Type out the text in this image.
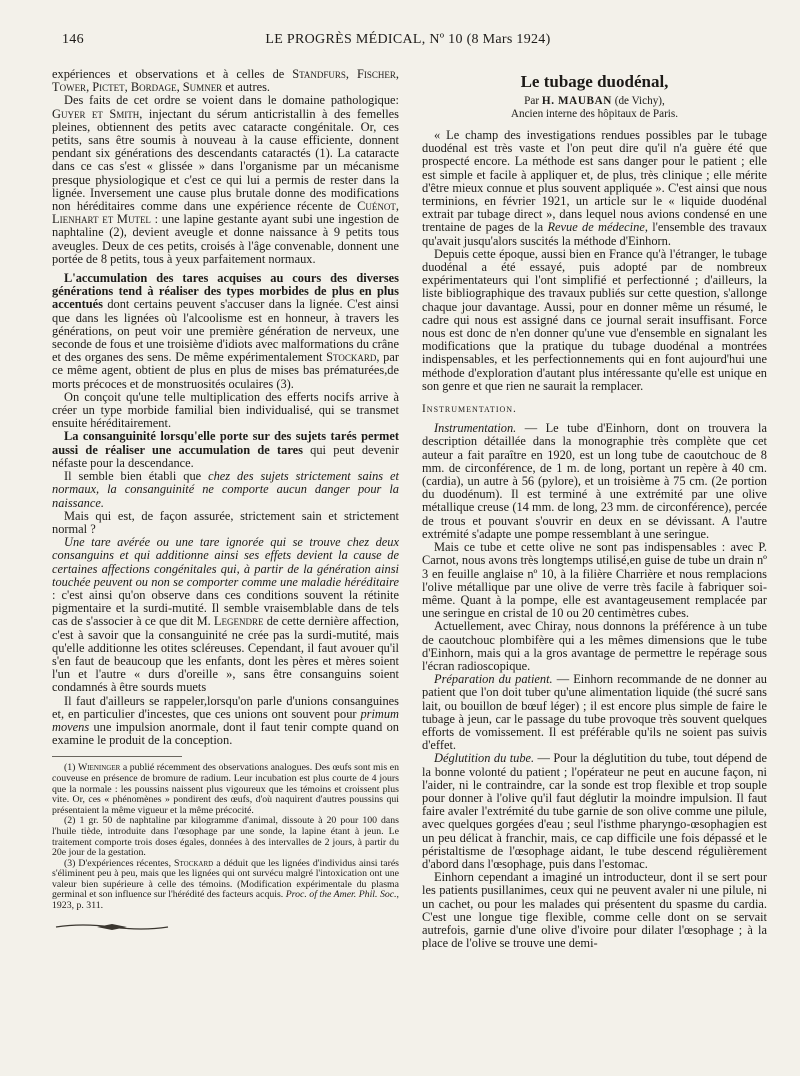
146	LE PROGRÈS MÉDICAL, Nº 10 (8 Mars 1924)

expériences et observations et à celles de Standfurs, Fischer, Tower, Pictet, Bordage, Sumner et autres.

Des faits de cet ordre se voient dans le domaine pathologique: Guyer et Smith, injectant du sérum anticristallin à des femelles pleines, obtiennent des petits avec cataracte congénitale. Or, ces petits, sans être soumis à nouveau à la cause efficiente, donnent pendant six générations des descendants cataractés (1). La cataracte dans ce cas s'est « glissée » dans l'organisme par un mécanisme presque physiologique et c'est ce qui lui a permis de rester dans la lignée. Inversement une cause plus brutale donne des modifications non héréditaires comme dans une expérience récente de Cuénot, Lienhart et Mutel : une lapine gestante ayant subi une ingestion de naphtaline (2), devient aveugle et donne naissance à 9 petits tous aveugles. Deux de ces petits, croisés à l'âge convenable, donnent une portée de 8 petits, tous à yeux parfaitement normaux.

L'accumulation des tares acquises au cours des diverses générations tend à réaliser des types morbides de plus en plus accentués dont certains peuvent s'accuser dans la lignée. C'est ainsi que dans les lignées où l'alcoolisme est en honneur, à travers les générations, on peut voir une première génération de nerveux, une seconde de fous et une troisième d'idiots avec malformations du crâne et des organes des sens. De même expérimentalement Stockard, par ce même agent, obtient de plus en plus de mises bas prématurées,de morts précoces et de monstruosités oculaires (3).

On conçoit qu'une telle multiplication des efferts nocifs arrive à créer un type morbide familial bien individualisé, qui se transmet ensuite héréditairement.

La consanguinité lorsqu'elle porte sur des sujets tarés permet aussi de réaliser une accumulation de tares qui peut devenir néfaste pour la descendance.

Il semble bien établi que chez des sujets strictement sains et normaux, la consanguinité ne comporte aucun danger pour la naissance.

Mais qui est, de façon assurée, strictement sain et strictement normal ?

Une tare avérée ou une tare ignorée qui se trouve chez deux consanguins et qui additionne ainsi ses effets devient la cause de certaines affections congénitales qui, à partir de la génération ainsi touchée peuvent ou non se comporter comme une maladie héréditaire : c'est ainsi qu'on observe dans ces conditions souvent la rétinite pigmentaire et la surdi-mutité. Il semble vraisemblable dans de tels cas de s'associer à ce que dit M. Legendre de cette dernière affection, c'est à savoir que la consanguinité ne crée pas la surdi-mutité, mais qu'elle additionne les otites scléreuses. Cependant, il faut avouer qu'il s'en faut de beaucoup que les enfants, dont les pères et mères soient l'un et l'autre « durs d'oreille », sans être consanguins soient condamnés à être sourds muets

Il faut d'ailleurs se rappeler,lorsqu'on parle d'unions consanguines et, en particulier d'incestes, que ces unions ont souvent pour primum movens une impulsion anormale, dont il faut tenir compte quand on examine le produit de la conception.

(1) Wieninger a publié récemment des observations analogues. Des œufs sont mis en couveuse en présence de bromure de radium. Leur incubation est plus courte de 4 jours que la normale : les poussins naissent plus vigoureux que les témoins et croissent plus vite. Or, ces « phénomènes » pondirent des œufs, d'où naquirent d'autres poussins qui présentaient la même vigueur et la même précocité.

(2) 1 gr. 50 de naphtaline par kilogramme d'animal, dissoute à 20 pour 100 dans l'huile tiède, introduite dans l'œsophage par une sonde, la lapine étant à jeun. Le traitement comporte trois doses égales, données à des intervalles de 2 jours, à partir du 20e jour de la gestation.

(3) D'expériences récentes, Stockard a déduit que les lignées d'individus ainsi tarés s'éliminent peu à peu, mais que les lignées qui ont survécu malgré l'intoxication ont une valeur bien supérieure à celle des témoins. (Modification expérimentale du plasma germinal et son influence sur l'hérédité des facteurs acquis. Proc. of the Amer. Phil. Soc., 1923, p. 311.

Le tubage duodénal,
Par H. MAUBAN (de Vichy),
Ancien interne des hôpitaux de Paris.

« Le champ des investigations rendues possibles par le tubage duodénal est très vaste et l'on peut dire qu'il n'a guère été que prospecté encore. La méthode est sans danger pour le patient ; elle est simple et facile à appliquer et, de plus, très clinique ; elle mérite d'être mieux connue et plus souvent appliquée ». C'est ainsi que nous terminions, en février 1921, un article sur le « liquide duodénal extrait par tubage direct », dans lequel nous avions condensé en une trentaine de pages de la Revue de médecine, l'ensemble des travaux qu'avait jusqu'alors suscités la méthode d'Einhorn.

Depuis cette époque, aussi bien en France qu'à l'étranger, le tubage duodénal a été essayé, puis adopté par de nombreux expérimentateurs qui l'ont simplifié et perfectionné ; d'ailleurs, la liste bibliographique des travaux publiés sur cette question, s'allonge chaque jour davantage. Aussi, pour en donner même un résumé, le cadre qui nous est assigné dans ce journal serait insuffisant. Force nous est donc de n'en donner qu'une vue d'ensemble en signalant les modifications que la pratique du tubage duodénal a montrées indispensables, et les perfectionnements qui en font aujourd'hui une méthode d'exploration d'autant plus intéressante qu'elle est unique en son genre et que rien ne saurait la remplacer.

Instrumentation.

Instrumentation. — Le tube d'Einhorn, dont on trouvera la description détaillée dans la monographie très complète que cet auteur a fait paraître en 1920, est un long tube de caoutchouc de 8 mm. de circonférence, de 1 m. de long, portant un repère à 40 cm. (cardia), un autre à 56 (pylore), et un troisième à 75 cm. (2e portion du duodénum). Il est terminé à une extrémité par une olive métallique creuse (14 mm. de long, 23 mm. de circonférence), percée de trous et pouvant s'ouvrir en deux en se dévissant. A l'autre extrémité s'adapte une pompe ressemblant à une seringue.

Mais ce tube et cette olive ne sont pas indispensables : avec P. Carnot, nous avons très longtemps utilisé,en guise de tube un drain nº 3 en feuille anglaise nº 10, à la filière Charrière et nous remplacions l'olive métallique par une olive de verre très facile à fabriquer soi-même. Quant à la pompe, elle est avantageusement remplacée par une seringue en cristal de 10 ou 20 centimètres cubes.

Actuellement, avec Chiray, nous donnons la préférence à un tube de caoutchouc plombifère qui a les mêmes dimensions que le tube d'Einhorn, mais qui a la gros avantage de permettre le repérage sous l'écran radioscopique.

Préparation du patient. — Einhorn recommande de ne donner au patient que l'on doit tuber qu'une alimentation liquide (thé sucré sans lait, ou bouillon de bœuf léger) ; il est encore plus simple de faire le tubage à jeun, car le passage du tube provoque très souvent quelques efforts de vomissement. Il est préférable qu'ils ne soient pas suivis d'effet.

Déglutition du tube. — Pour la déglutition du tube, tout dépend de la bonne volonté du patient ; l'opérateur ne peut en aucune façon, ni l'aider, ni le contraindre, car la sonde est trop flexible et trop souple pour donner à l'olive qu'il faut déglutir la moindre impulsion. Il faut faire avaler l'extrémité du tube garnie de son olive comme une pilule, avec quelques gorgées d'eau ; seul l'isthme pharyngo-œsophagien est un peu délicat à franchir, mais, ce cap difficile une fois dépassé et le péristaltisme de l'œsophage aidant, le tube descend régulièrement d'abord dans l'œsophage, puis dans l'estomac.

Einhorn cependant a imaginé un introducteur, dont il se sert pour les patients pusillanimes, ceux qui ne peuvent avaler ni une pilule, ni un cachet, ou pour les malades qui présentent du spasme du cardia. C'est une longue tige flexible, comme celle dont on se servait autrefois, garnie d'une olive d'ivoire pour dilater l'œsophage ; à la place de l'olive se trouve une demi-
